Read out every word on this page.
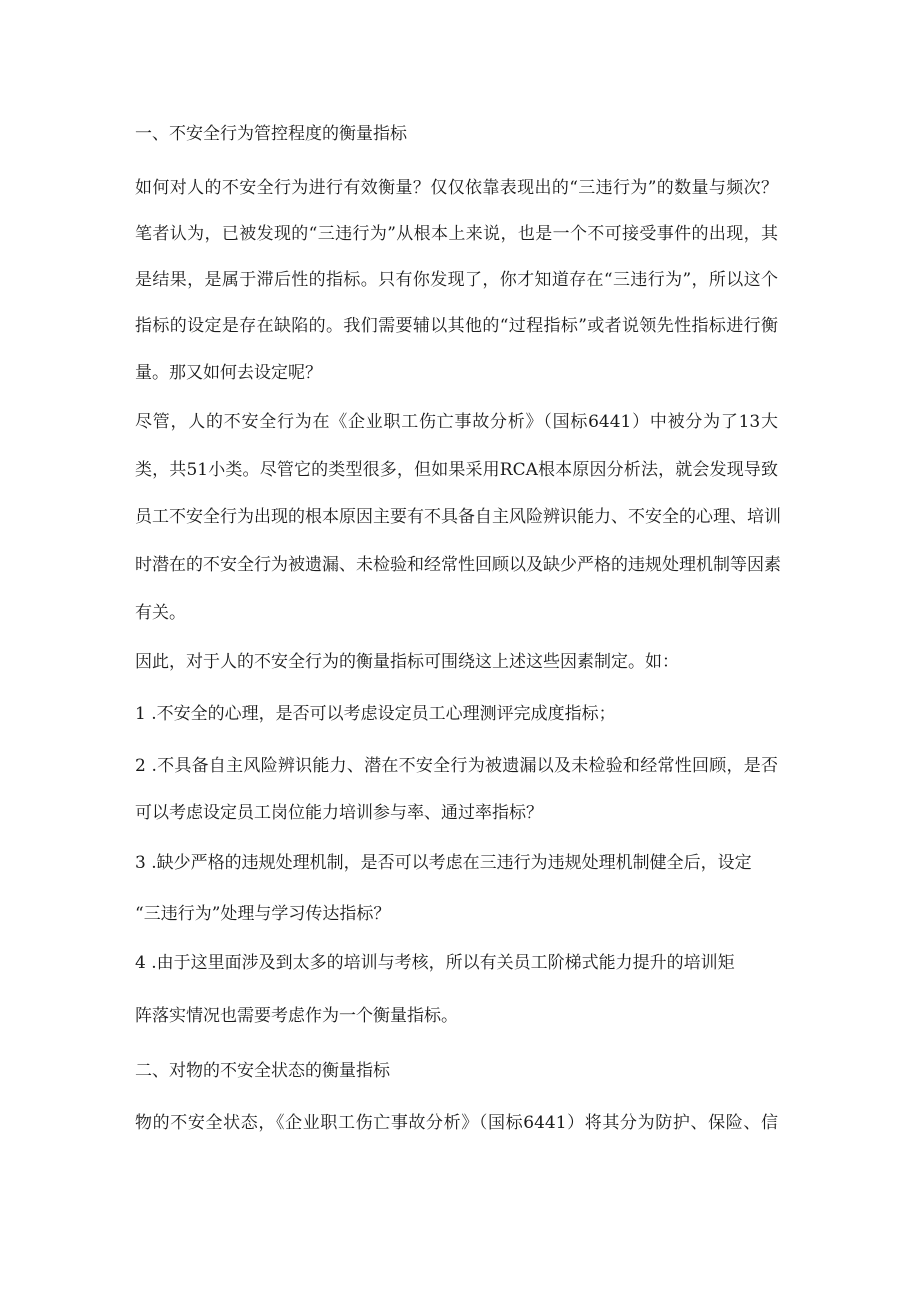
一、不安全行为管控程度的衡量指标

如何对人的不安全行为进行有效衡量？仅仅依靠表现出的“三违行为”的数量与频次？

笔者认为，已被发现的“三违行为”从根本上来说，也是一个不可接受事件的出现，其

是结果，是属于滞后性的指标。只有你发现了，你才知道存在“三违行为”，所以这个

指标的设定是存在缺陷的。我们需要辅以其他的“过程指标”或者说领先性指标进行衡

量。那又如何去设定呢？

尽管，人的不安全行为在《企业职工伤亡事故分析》（国标6441）中被分为了13大

类，共51小类。尽管它的类型很多，但如果采用RCA根本原因分析法，就会发现导致

员工不安全行为出现的根本原因主要有不具备自主风险辨识能力、不安全的心理、培训

时潜在的不安全行为被遗漏、未检验和经常性回顾以及缺少严格的违规处理机制等因素

有关。

因此，对于人的不安全行为的衡量指标可围绕这上述这些因素制定。如：

1 .不安全的心理，是否可以考虑设定员工心理测评完成度指标；

2 .不具备自主风险辨识能力、潜在不安全行为被遗漏以及未检验和经常性回顾，是否

可以考虑设定员工岗位能力培训参与率、通过率指标？

3 .缺少严格的违规处理机制，是否可以考虑在三违行为违规处理机制健全后，设定

“三违行为”处理与学习传达指标？

4 .由于这里面涉及到太多的培训与考核，所以有关员工阶梯式能力提升的培训矩

阵落实情况也需要考虑作为一个衡量指标。

二、对物的不安全状态的衡量指标

物的不安全状态，《企业职工伤亡事故分析》（国标6441）将其分为防护、保险、信
